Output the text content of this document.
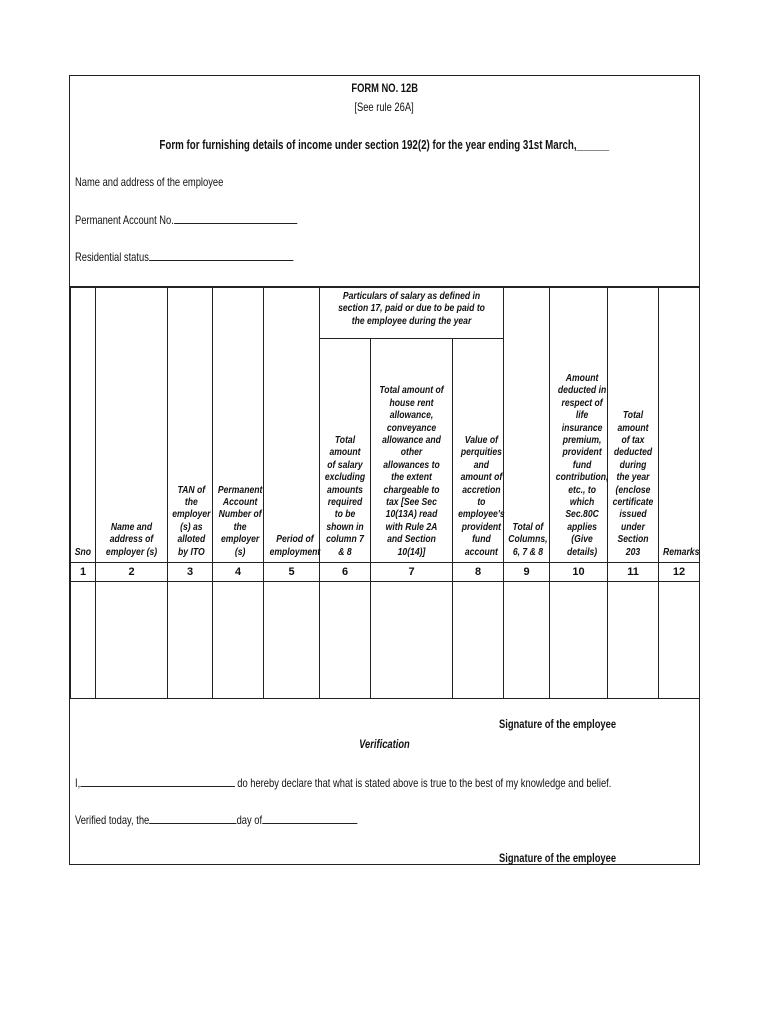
FORM NO. 12B
[See rule 26A]
Form for furnishing details of income under section 192(2) for the year ending 31st March,______
Name and address of the employee
Permanent Account No.
Residential status
Sno	Name and address of employer (s)	TAN of the employer (s) as alloted by ITO	Permanent Account Number of the employer (s)	Period of employment	Particulars of salary as defined in section 17, paid or due to be paid to the employee during the year			Total of Columns, 6, 7 & 8	Amount deducted in respect of life insurance premium, provident fund contribution, etc., to which Sec.80C applies (Give details)	Total amount of tax deducted during the year (enclose certificate issued under Section 203	Remarks
					Total amount of salary excluding amounts required to be shown in column 7 & 8	Total amount of house rent allowance, conveyance allowance and other allowances to the extent chargeable to tax [See Sec 10(13A) read with Rule 2A and Section 10(14)]	Value of perquities and amount of accretion to employee's provident fund account				
1	2	3	4	5	6	7	8	9	10	11	12

Signature of the employee
Verification
I,	do hereby declare that what is stated above is true to the best of my knowledge and belief.
Verified today, the	day of
Signature of the employee
